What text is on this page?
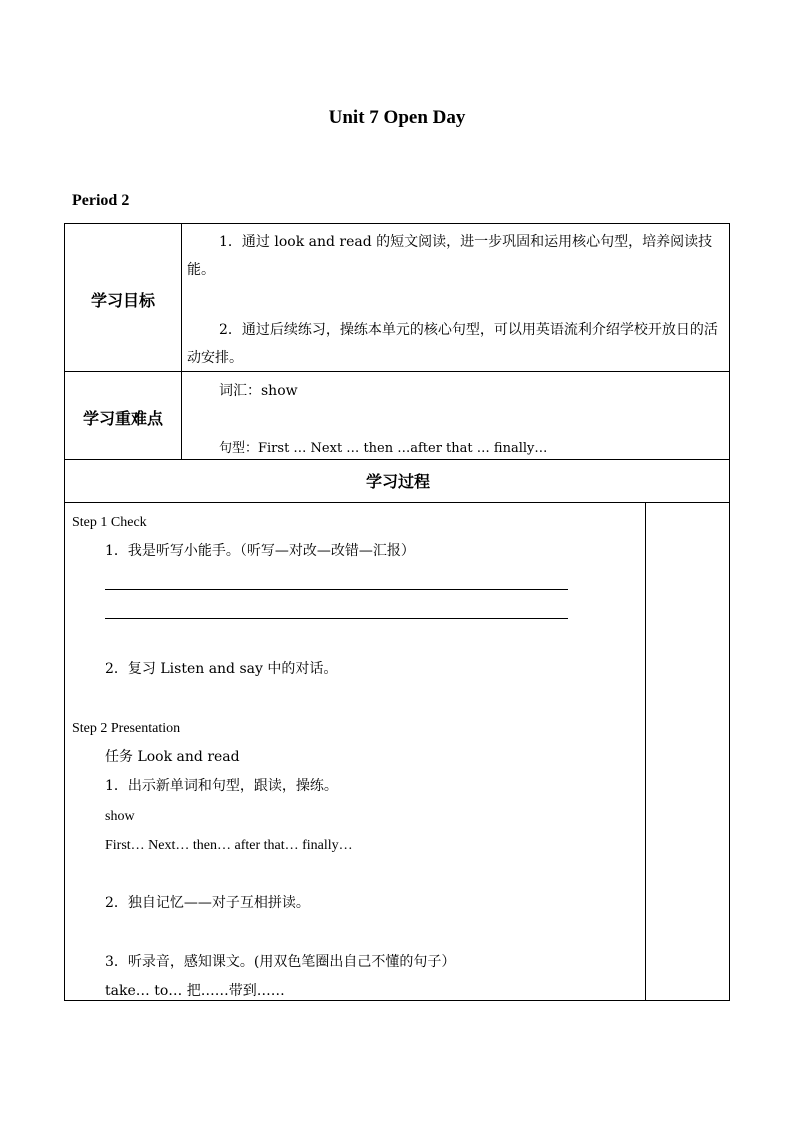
Unit 7 Open Day
Period 2
学习目标
1．通过 look and read 的短文阅读，进一步巩固和运用核心句型，培养阅读技能。
2．通过后续练习，操练本单元的核心句型，可以用英语流利介绍学校开放日的活动安排。
学习重难点
词汇：show
句型：First … Next … then …after that … finally…
学习过程
Step 1 Check
1．我是听写小能手。（听写—对改—改错—汇报）
2．复习 Listen and say 中的对话。
Step 2 Presentation
任务 Look and read
1．出示新单词和句型，跟读，操练。
show
First… Next… then… after that… finally…
2．独自记忆——对子互相拼读。
3．听录音，感知课文。(用双色笔圈出自己不懂的句子）
take… to… 把……带到……
